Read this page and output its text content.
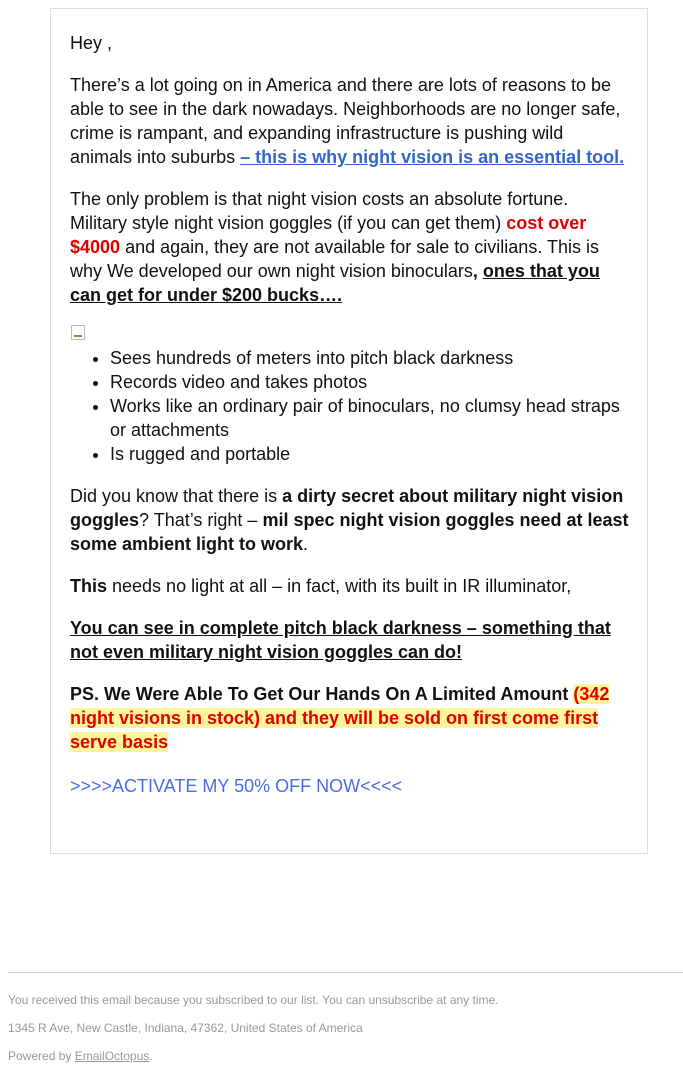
Hey ,

There’s a lot going on in America and there are lots of reasons to be able to see in the dark nowadays. Neighborhoods are no longer safe, crime is rampant, and expanding infrastructure is pushing wild animals into suburbs – this is why night vision is an essential tool.

The only problem is that night vision costs an absolute fortune. Military style night vision goggles (if you can get them) cost over $4000 and again, they are not available for sale to civilians. This is why We developed our own night vision binoculars, ones that you can get for under $200 bucks….

• Sees hundreds of meters into pitch black darkness
• Records video and takes photos
• Works like an ordinary pair of binoculars, no clumsy head straps or attachments
• Is rugged and portable

Did you know that there is a dirty secret about military night vision goggles? That’s right – mil spec night vision goggles need at least some ambient light to work.

This needs no light at all – in fact, with its built in IR illuminator,

You can see in complete pitch black darkness – something that not even military night vision goggles can do!

PS. We Were Able To Get Our Hands On A Limited Amount (342 night visions in stock) and they will be sold on first come first serve basis

>>>>ACTIVATE MY 50% OFF NOW<<<<
You received this email because you subscribed to our list. You can unsubscribe at any time.
1345 R Ave, New Castle, Indiana, 47362, United States of America
Powered by EmailOctopus.
